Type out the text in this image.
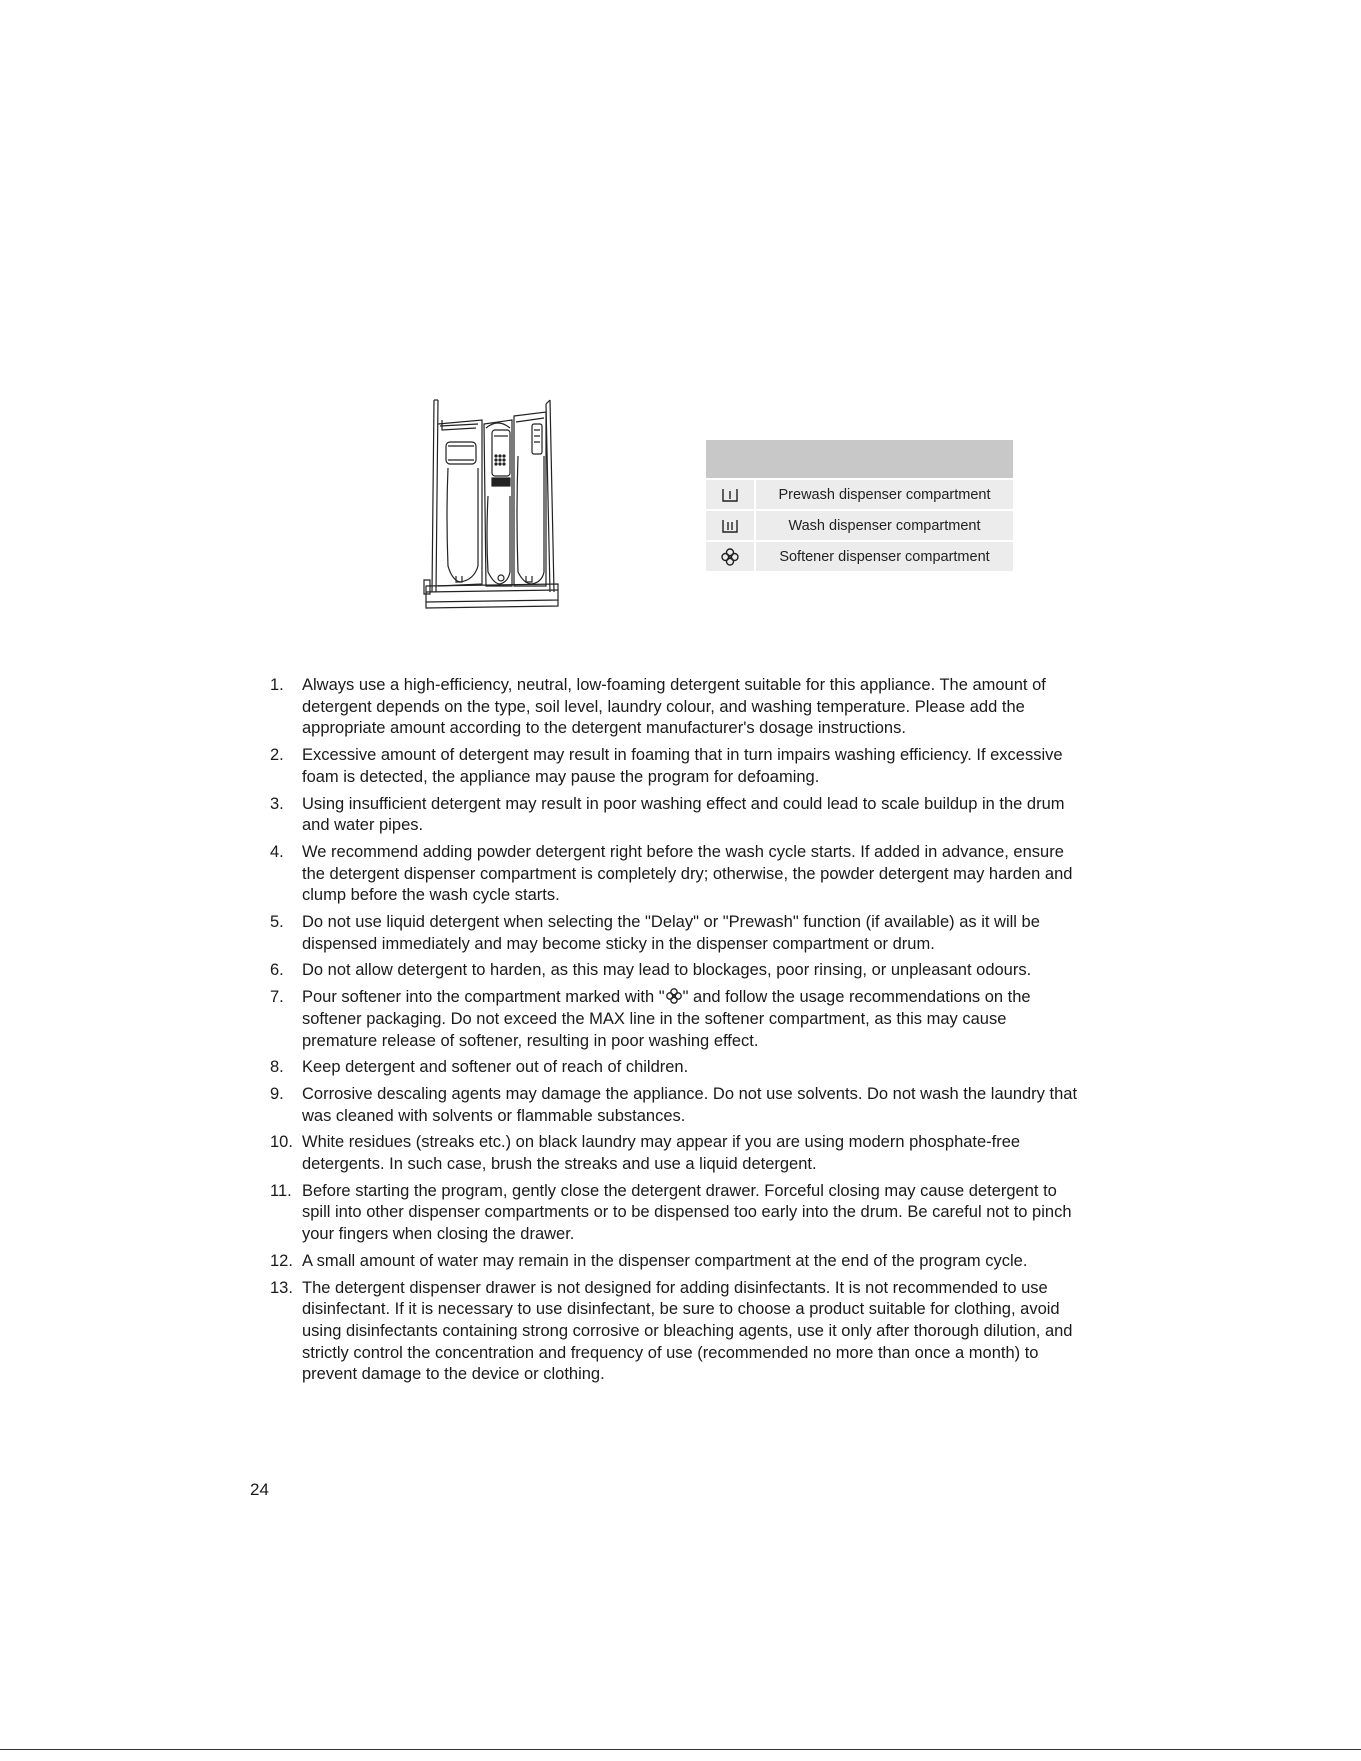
	Prewash dispenser compartment

	Wash dispenser compartment

	Softener dispenser compartment
1.	Always use a high-efficiency, neutral, low-foaming detergent suitable for this appliance. The amount of detergent depends on the type, soil level, laundry colour, and washing temperature. Please add the appropriate amount according to the detergent manufacturer's dosage instructions.
2.	Excessive amount of detergent may result in foaming that in turn impairs washing efficiency. If excessive foam is detected, the appliance may pause the program for defoaming.
3.	Using insufficient detergent may result in poor washing effect and could lead to scale buildup in the drum and water pipes.
4.	We recommend adding powder detergent right before the wash cycle starts. If added in advance, ensure the detergent dispenser compartment is completely dry; otherwise, the powder detergent may harden and clump before the wash cycle starts.
5.	Do not use liquid detergent when selecting the "Delay" or "Prewash" function (if available) as it will be dispensed immediately and may become sticky in the dispenser compartment or drum.
6.	Do not allow detergent to harden, as this may lead to blockages, poor rinsing, or unpleasant odours.
7.	Pour softener into the compartment marked with " " and follow the usage recommendations on the softener packaging. Do not exceed the MAX line in the softener compartment, as this may cause premature release of softener, resulting in poor washing effect.
8.	Keep detergent and softener out of reach of children.
9.	Corrosive descaling agents may damage the appliance. Do not use solvents. Do not wash the laundry that was cleaned with solvents or flammable substances.
10. White residues (streaks etc.) on black laundry may appear if you are using modern phosphate-free detergents. In such case, brush the streaks and use a liquid detergent.
11. Before starting the program, gently close the detergent drawer. Forceful closing may cause detergent to spill into other dispenser compartments or to be dispensed too early into the drum. Be careful not to pinch your fingers when closing the drawer.
12. A small amount of water may remain in the dispenser compartment at the end of the program cycle.
13. The detergent dispenser drawer is not designed for adding disinfectants. It is not recommended to use disinfectant. If it is necessary to use disinfectant, be sure to choose a product suitable for clothing, avoid using disinfectants containing strong corrosive or bleaching agents, use it only after thorough dilution, and strictly control the concentration and frequency of use (recommended no more than once a month) to prevent damage to the device or clothing.
24
